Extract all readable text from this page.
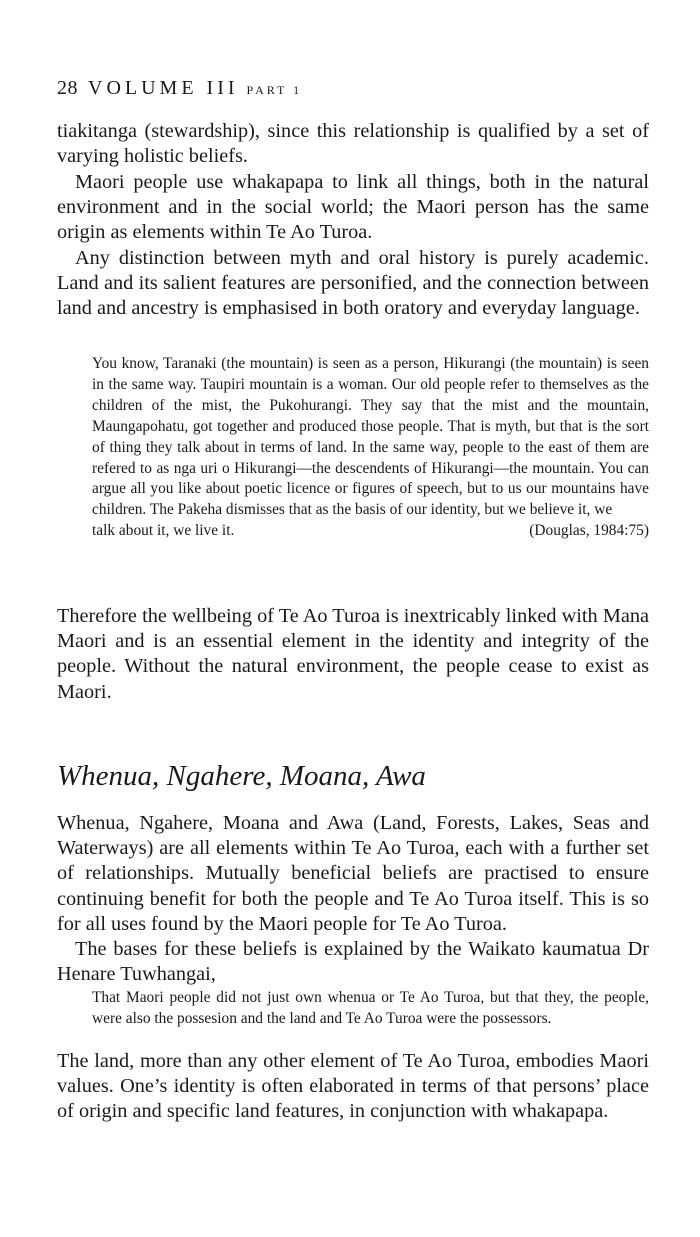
28 VOLUME III PART 1

tiakitanga (stewardship), since this relationship is qualified by a set of varying holistic beliefs.

Maori people use whakapapa to link all things, both in the natural environment and in the social world; the Maori person has the same origin as elements within Te Ao Turoa.

Any distinction between myth and oral history is purely academic. Land and its salient features are personified, and the connection between land and ancestry is emphasised in both oratory and everyday language.

You know, Taranaki (the mountain) is seen as a person, Hikurangi (the mountain) is seen in the same way. Taupiri mountain is a woman. Our old people refer to themselves as the children of the mist, the Pukohurangi. They say that the mist and the mountain, Maungapohatu, got together and produced those people. That is myth, but that is the sort of thing they talk about in terms of land. In the same way, people to the east of them are refered to as nga uri o Hikurangi—the descendents of Hikurangi—the mountain. You can argue all you like about poetic licence or figures of speech, but to us our mountains have children. The Pakeha dismisses that as the basis of our identity, but we believe it, we
talk about it, we live it.	(Douglas, 1984:75)

Therefore the wellbeing of Te Ao Turoa is inextricably linked with Mana Maori and is an essential element in the identity and integrity of the people. Without the natural environment, the people cease to exist as Maori.

Whenua, Ngahere, Moana, Awa

Whenua, Ngahere, Moana and Awa (Land, Forests, Lakes, Seas and Waterways) are all elements within Te Ao Turoa, each with a further set of relationships. Mutually beneficial beliefs are practised to ensure continuing benefit for both the people and Te Ao Turoa itself. This is so for all uses found by the Maori people for Te Ao Turoa.

The bases for these beliefs is explained by the Waikato kaumatua Dr Henare Tuwhangai,

That Maori people did not just own whenua or Te Ao Turoa, but that they, the people, were also the possesion and the land and Te Ao Turoa were the possessors.

The land, more than any other element of Te Ao Turoa, embodies Maori values. One’s identity is often elaborated in terms of that persons’ place of origin and specific land features, in conjunction with whakapapa.
